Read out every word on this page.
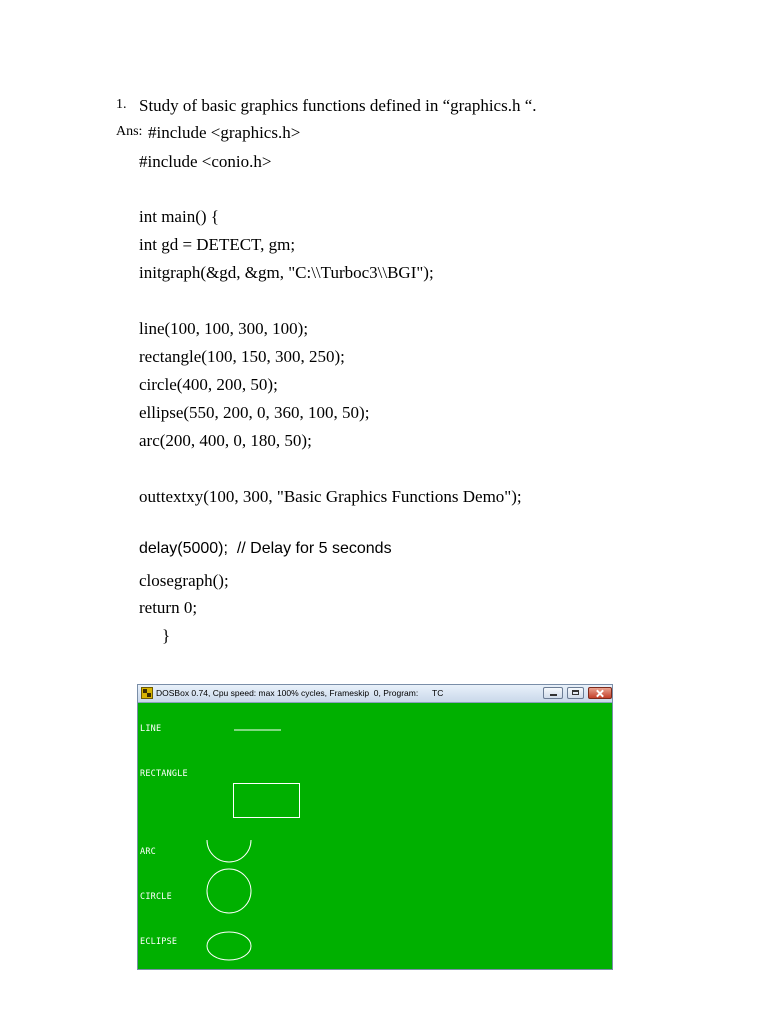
1. Study of basic graphics functions defined in “graphics.h “.
Ans: #include <graphics.h>
#include <conio.h>
int main() {
int gd = DETECT, gm;
initgraph(&gd, &gm, "C:\\Turboc3\\BGI");
line(100, 100, 300, 100);
rectangle(100, 150, 300, 250);
circle(400, 200, 50);
ellipse(550, 200, 0, 360, 100, 50);
arc(200, 400, 0, 180, 50);
outtextxy(100, 300, "Basic Graphics Functions Demo");
delay(5000);  // Delay for 5 seconds
closegraph();
return 0;
}
DOSBox 0.74, Cpu speed: max 100% cycles, Frameskip  0, Program: TC
LINE
RECTANGLE
ARC
CIRCLE
ECLIPSE
